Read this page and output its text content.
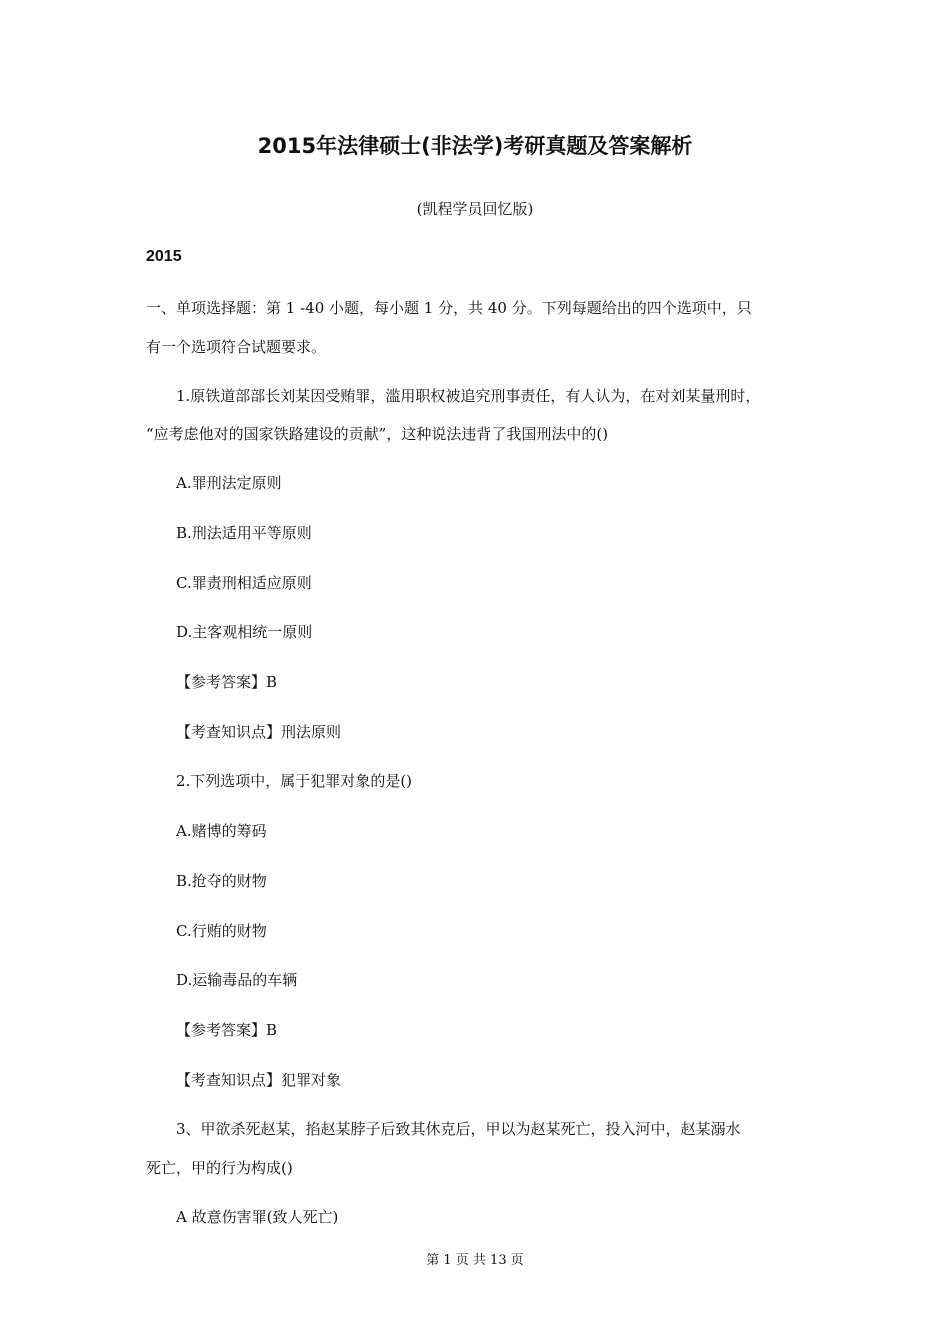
2015年法律硕士(非法学)考研真题及答案解析
(凯程学员回忆版)
2015
一、单项选择题：第 1 -40 小题，每小题 1 分，共 40 分。下列每题给出的四个选项中，只
有一个选项符合试题要求。
1.原铁道部部长刘某因受贿罪，滥用职权被追究刑事责任，有人认为，在对刘某量刑时，
“应考虑他对的国家铁路建设的贡献”，这种说法违背了我国刑法中的()
A.罪刑法定原则
B.刑法适用平等原则
C.罪责刑相适应原则
D.主客观相统一原则
【参考答案】B
【考查知识点】刑法原则
2.下列选项中，属于犯罪对象的是()
A.赌博的筹码
B.抢夺的财物
C.行贿的财物
D.运输毒品的车辆
【参考答案】B
【考查知识点】犯罪对象
3、甲欲杀死赵某，掐赵某脖子后致其休克后，甲以为赵某死亡，投入河中，赵某溺水
死亡，甲的行为构成()
A 故意伤害罪(致人死亡)
第 1 页 共 13 页
